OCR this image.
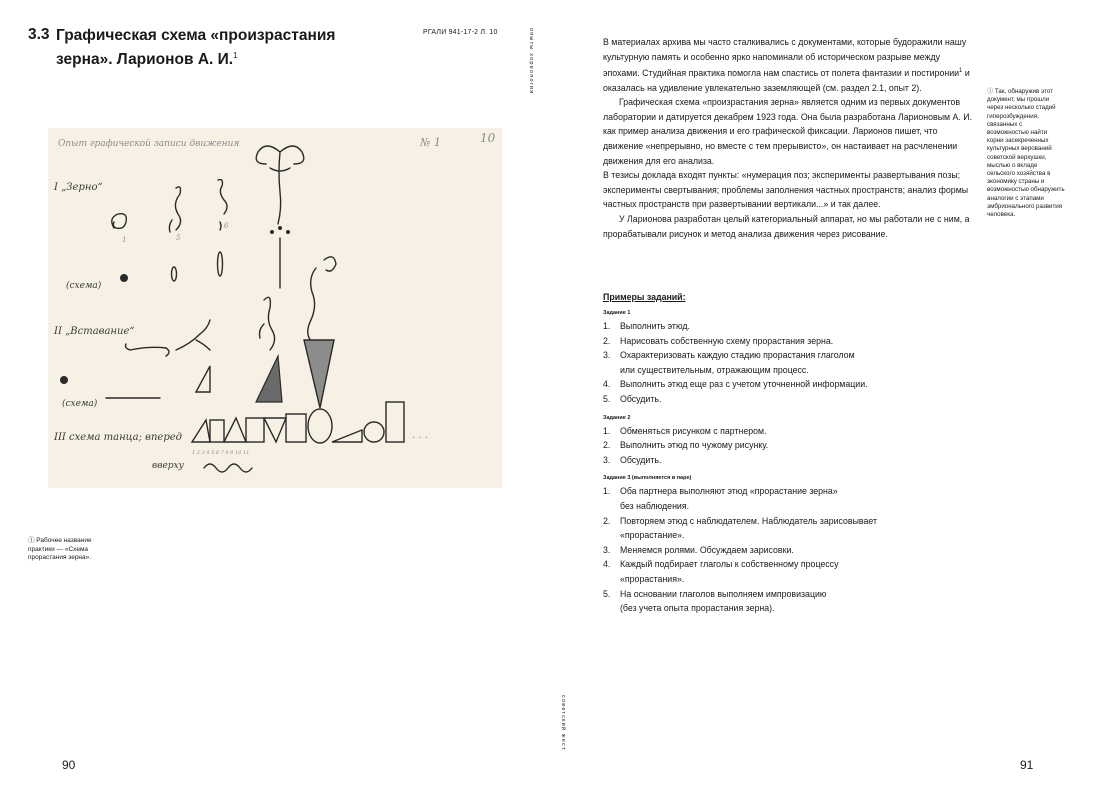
3.3 Графическая схема «произрастания зерна». Ларионов А. И.$^1$
РГАЛИ 941-17-2 Л. 10	опыты хореологии
Опыт графической записи движения	№ 1	10
I „Зерно“
(схема)
II „Вставание“
(схема)
III схема танца; вперед
вверху
1	5
6
. . .
1 2 3 4 5 6 7 8 9 10 11
Ⓘ Рабочее название практики — «Схема прорастания зерна».
90

В материалах архива мы часто сталкивались с документами, которые будоражили нашу культурную память и особенно ярко напоминали об историческом разрыве между эпохами. Студийная практика помогла нам спастись от полета фантазии и постиронии$^1$ и оказалась на удивление увлекательно заземляющей (см. раздел 2.1, опыт 2).

Графическая схема «произрастания зерна» является одним из первых документов лаборатории и датируется декабрем 1923 года. Она была разработана Ларионовым А. И. как пример анализа движения и его графической фиксации. Ларионов пишет, что движение «непрерывно, но вместе с тем прерывисто», он настаивает на расчленении движения для его анализа.

В тезисы доклада входят пункты: «нумерация поз; эксперименты развертывания позы; эксперименты свертывания; проблемы заполнения частных пространств; анализ формы частных пространств при развертывании вертикали...» и так далее.

У Ларионова разработан целый категориальный аппарат, но мы работали не с ним, а прорабатывали рисунок и метод анализа движения через рисование.

Ⓘ Так, обнаружив этот документ, мы прошли через несколько стадий гиперозбуждения, связанных с возможностью найти корни засекреченных культурных верований советской верхушки, мыслью о вкладе сельского хозяйства в экономику страны и возможностью обнаружить аналогии с этапами эмбрионального развития человека.
Примеры заданий:
Задание 1
1.	Выполнить этюд.
2.	Нарисовать собственную схему прорастания зерна.
3.	Охарактеризовать каждую стадию прорастания глаголом
или существительным, отражающим процесс.
4.	Выполнить этюд еще раз с учетом уточненной информации.
5.	Обсудить.
Задание 2
1.	Обменяться рисунком с партнером.
2.	Выполнить этюд по чужому рисунку.
3.	Обсудить.
Задание 3 (выполняется в паре)
1.	Оба партнера выполняют этюд «прорастание зерна»
без наблюдения.
2.	Повторяем этюд с наблюдателем. Наблюдатель зарисовывает
«прорастание».
3.	Меняемся ролями. Обсуждаем зарисовки.
4.	Каждый подбирает глаголы к собственному процессу
«прорастания».
5.	На основании глаголов выполняем импровизацию
(без учета опыта прорастания зерна).
советский жест
91
